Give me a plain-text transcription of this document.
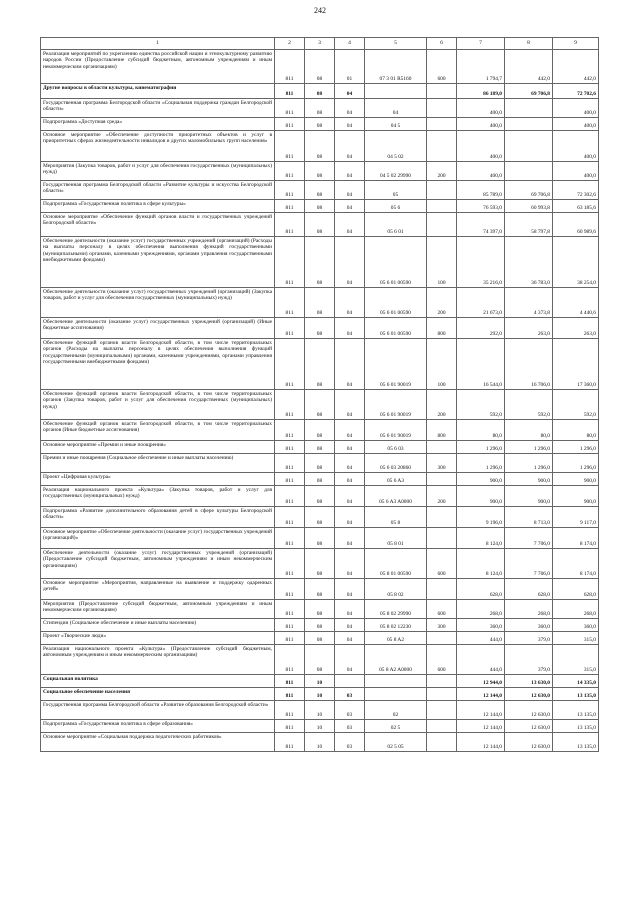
242
1	2	3	4	5	6	7	8	9
Реализация мероприятий по укреплению единства российской нации и этнокультурному развитию народов России (Предоставление субсидий бюджетным, автономным учреждениям и иным некоммерческим организациям)	811	08	01	07 3 01 R5160	600	1 794,7	442,0	442,0
Другие вопросы в области культуры, кинематографии	811	08	04			86 189,0	69 706,8	72 702,6
Государственная программа Белгородской области «Социальная поддержка граждан Белгородской области»	811	08	04	04		400,0		400,0
Подпрограмма «Доступная среда»	811	08	04	04 5		400,0		400,0
Основное мероприятие «Обеспечение доступности приоритетных объектов и услуг в приоритетных сферах жизнедеятельности инвалидов и других маломобильных групп населения»	811	08	04	04 5 02		400,0		400,0
Мероприятия (Закупка товаров, работ и услуг для обеспечения государственных (муниципальных) нужд)	811	08	04	04 5 02 29990	200	400,0		400,0
Государственная программа Белгородской области «Развитие культуры и искусства Белгородской области»	811	08	04	05		85 789,0	69 706,8	72 302,6
Подпрограмма «Государственная политика в сфере культуры»	811	08	04	05 6		76 593,0	60 993,8	63 185,6
Основное мероприятие «Обеспечение функций органов власти и государственных учреждений Белгородской области»	811	08	04	05 6 01		74 397,0	58 797,8	60 989,6
Обеспечение деятельности (оказание услуг) государственных учреждений (организаций) (Расходы на выплаты персоналу в целях обеспечения выполнения функций государственными (муниципальными) органами, казенными учреждениями, органами управления государственными внебюджетными фондами)	811	08	04	05 6 01 00590	100	35 216,0	36 783,0	38 254,0
Обеспечение деятельности (оказание услуг) государственных учреждений (организаций) (Закупка товаров, работ и услуг для обеспечения государственных (муниципальных) нужд)	811	08	04	05 6 01 00590	200	21 673,0	4 373,8	4 440,6
Обеспечение деятельности (оказание услуг) государственных учреждений (организаций) (Иные бюджетные ассигнования)	811	08	04	05 6 01 00590	800	292,0	263,0	263,0
Обеспечение функций органов власти Белгородской области, в том числе территориальных органов (Расходы на выплаты персоналу в целях обеспечения выполнения функций государственными (муниципальными) органами, казенными учреждениями, органами управления государственными внебюджетными фондами)	811	08	04	05 6 01 90019	100	16 544,0	16 706,0	17 360,0
Обеспечение функций органов власти Белгородской области, в том числе территориальных органов (Закупка товаров, работ и услуг для обеспечения государственных (муниципальных) нужд)	811	08	04	05 6 01 90019	200	592,0	592,0	592,0
Обеспечение функций органов власти Белгородской области, в том числе территориальных органов (Иные бюджетные ассигнования)	811	08	04	05 6 01 90019	800	80,0	80,0	80,0
Основное мероприятие «Премии и иные поощрения»	811	08	04	05 6 03		1 296,0	1 296,0	1 296,0
Премии и иные поощрения (Социальное обеспечение и иные выплаты населению)	811	08	04	05 6 03 20860	300	1 296,0	1 296,0	1 296,0
Проект «Цифровая культура»	811	08	04	05 6 A3		900,0	900,0	900,0
Реализация национального проекта «Культура» (Закупка товаров, работ и услуг для государственных (муниципальных) нужд)	811	08	04	05 6 A3 A0000	200	900,0	900,0	900,0
Подпрограмма «Развитие дополнительного образования детей в сфере культуры Белгородской области»	811	08	04	05 8		9 196,0	8 713,0	9 117,0
Основное мероприятие «Обеспечение деятельности (оказание услуг) государственных учреждений (организаций)»	811	08	04	05 8 01		8 124,0	7 706,0	8 174,0
Обеспечение деятельности (оказание услуг) государственных учреждений (организаций) (Предоставление субсидий бюджетным, автономным учреждениям и иным некоммерческим организациям)	811	08	04	05 8 01 00590	600	8 124,0	7 706,0	8 174,0
Основное мероприятие «Мероприятия, направленные на выявление и поддержку одаренных детей»	811	08	04	05 8 02		628,0	628,0	628,0
Мероприятия (Предоставление субсидий бюджетным, автономным учреждениям и иным некоммерческим организациям)	811	08	04	05 8 02 29990	600	268,0	268,0	268,0
Стипендии (Социальное обеспечение и иные выплаты населению)	811	08	04	05 8 02 12230	300	360,0	360,0	360,0
Проект «Творческие люди»	811	08	04	05 8 A2		444,0	379,0	315,0
Реализация национального проекта «Культура» (Предоставление субсидий бюджетным, автономным учреждениям и иным некоммерческим организациям)	811	08	04	05 8 A2 A0000	600	444,0	379,0	315,0
Социальная политика	811	10				12 944,0	13 630,0	14 335,0
Социальное обеспечение населения	811	10	03			12 144,0	12 630,0	13 135,0
Государственная программа Белгородской области «Развитие образования Белгородской области»	811	10	03	02		12 144,0	12 630,0	13 135,0
Подпрограмма «Государственная политика в сфере образования»	811	10	03	02 5		12 144,0	12 630,0	13 135,0
Основное мероприятие «Социальная поддержка педагогических работников»	811	10	03	02 5 05		12 144,0	12 630,0	13 135,0
